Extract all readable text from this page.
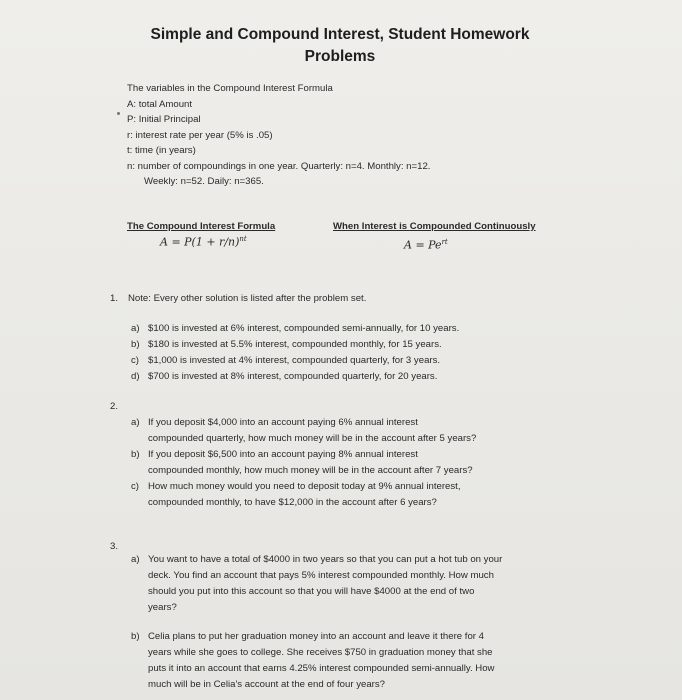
Simple and Compound Interest, Student Homework
Problems
The variables in the Compound Interest Formula
A: total Amount
P: Initial Principal
r: interest rate per year (5% is .05)
t: time (in years)
n: number of compoundings in one year. Quarterly: n=4. Monthly: n=12.
Weekly: n=52. Daily: n=365.
The Compound Interest Formula
$A = P(1 + r/n)^{nt}$
When Interest is Compounded Continuously
$A = Pe^{rt}$
1. Note: Every other solution is listed after the problem set.
a) $100 is invested at 6% interest, compounded semi-annually, for 10 years.
b) $180 is invested at 5.5% interest, compounded monthly, for 15 years.
c) $1,000 is invested at 4% interest, compounded quarterly, for 3 years.
d) $700 is invested at 8% interest, compounded quarterly, for 20 years.
2.
a) If you deposit $4,000 into an account paying 6% annual interest
compounded quarterly, how much money will be in the account after 5 years?
b) If you deposit $6,500 into an account paying 8% annual interest
compounded monthly, how much money will be in the account after 7 years?
c) How much money would you need to deposit today at 9% annual interest,
compounded monthly, to have $12,000 in the account after 6 years?
3.
a) You want to have a total of $4000 in two years so that you can put a hot tub on your
deck. You find an account that pays 5% interest compounded monthly. How much
should you put into this account so that you will have $4000 at the end of two
years?
b) Celia plans to put her graduation money into an account and leave it there for 4
years while she goes to college. She receives $750 in graduation money that she
puts it into an account that earns 4.25% interest compounded semi-annually. How
much will be in Celia's account at the end of four years?
